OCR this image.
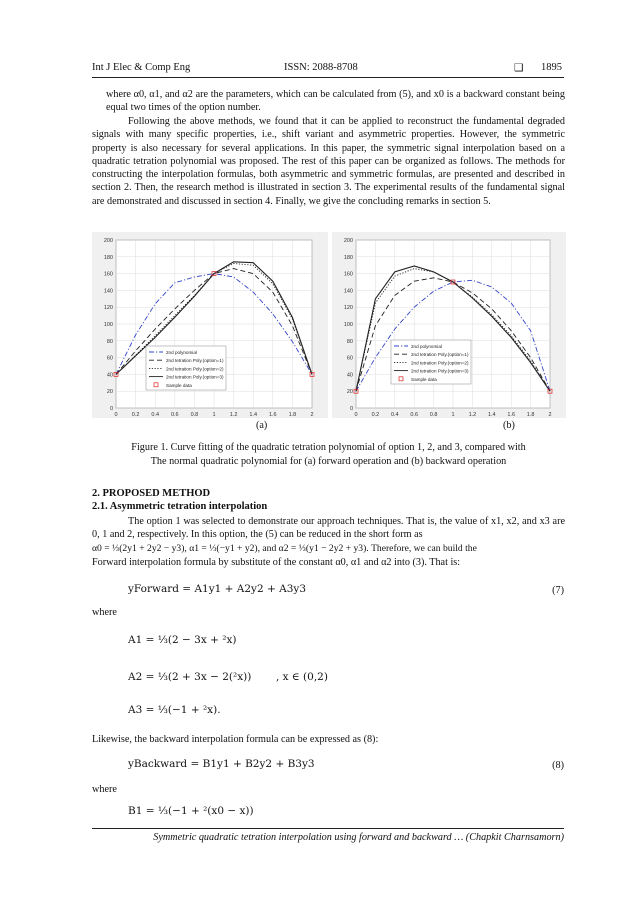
Int J Elec & Comp Eng	ISSN: 2088-8708	❑ 1895
where α0, α1, and α2 are the parameters, which can be calculated from (5), and x0 is a backward constant being equal two times of the option number.
Following the above methods, we found that it can be applied to reconstruct the fundamental degraded signals with many specific properties, i.e., shift variant and asymmetric properties. However, the symmetric property is also necessary for several applications. In this paper, the symmetric signal interpolation based on a quadratic tetration polynomial was proposed. The rest of this paper can be organized as follows. The methods for constructing the interpolation formulas, both asymmetric and symmetric formulas, are presented and described in section 2. Then, the research method is illustrated in section 3. The experimental results of the fundamental signal are demonstrated and discussed in section 4. Finally, we give the concluding remarks in section 5.
0	0.2 0.4 0.6 0.8	1	1.2 1.4 1.6 1.8	2
0
20
40
60
80
100
120
140
160
180
200
2nd polynomial
2nd tetration Poly.(option=1)
2nd tetration Poly.(option=2)
2nd tetration Poly.(option=3)
Sample data
0	0.2 0.4 0.6 0.8	1	1.2 1.4 1.6 1.8	2
0
20
40
60
80
100
120
140
160
180
200
2nd polynomial
2nd tetration Poly.(option=1)
2nd tetration Poly.(option=2)
2nd tetration Poly.(option=3)
Sample data
(a)	(b)
Figure 1. Curve fitting of the quadratic tetration polynomial of option 1, 2, and 3, compared with
The normal quadratic polynomial for (a) forward operation and (b) backward operation
2. PROPOSED METHOD
2.1. Asymmetric tetration interpolation
The option 1 was selected to demonstrate our approach techniques. That is, the value of x1, x2, and x3 are 0, 1 and 2, respectively. In this option, the (5) can be reduced in the short form as
α0 = ⅓(2y1 + 2y2 − y3), α1 = ⅓(−y1 + y2), and α2 = ⅓(y1 − 2y2 + y3). Therefore, we can build the
Forward interpolation formula by substitute of the constant α0, α1 and α2 into (3). That is:
yForward = A1y1 + A2y2 + A3y3	(7)
where
A1 = ⅓(2 − 3x + ²x)
A2 = ⅓(2 + 3x − 2(²x)) , x ∈ (0,2)
A3 = ⅓(−1 + ²x).
Likewise, the backward interpolation formula can be expressed as (8):
yBackward = B1y1 + B2y2 + B3y3	(8)
where
B1 = ⅓(−1 + ²(x0 − x))
Symmetric quadratic tetration interpolation using forward and backward … (Chapkit Charnsamorn)
